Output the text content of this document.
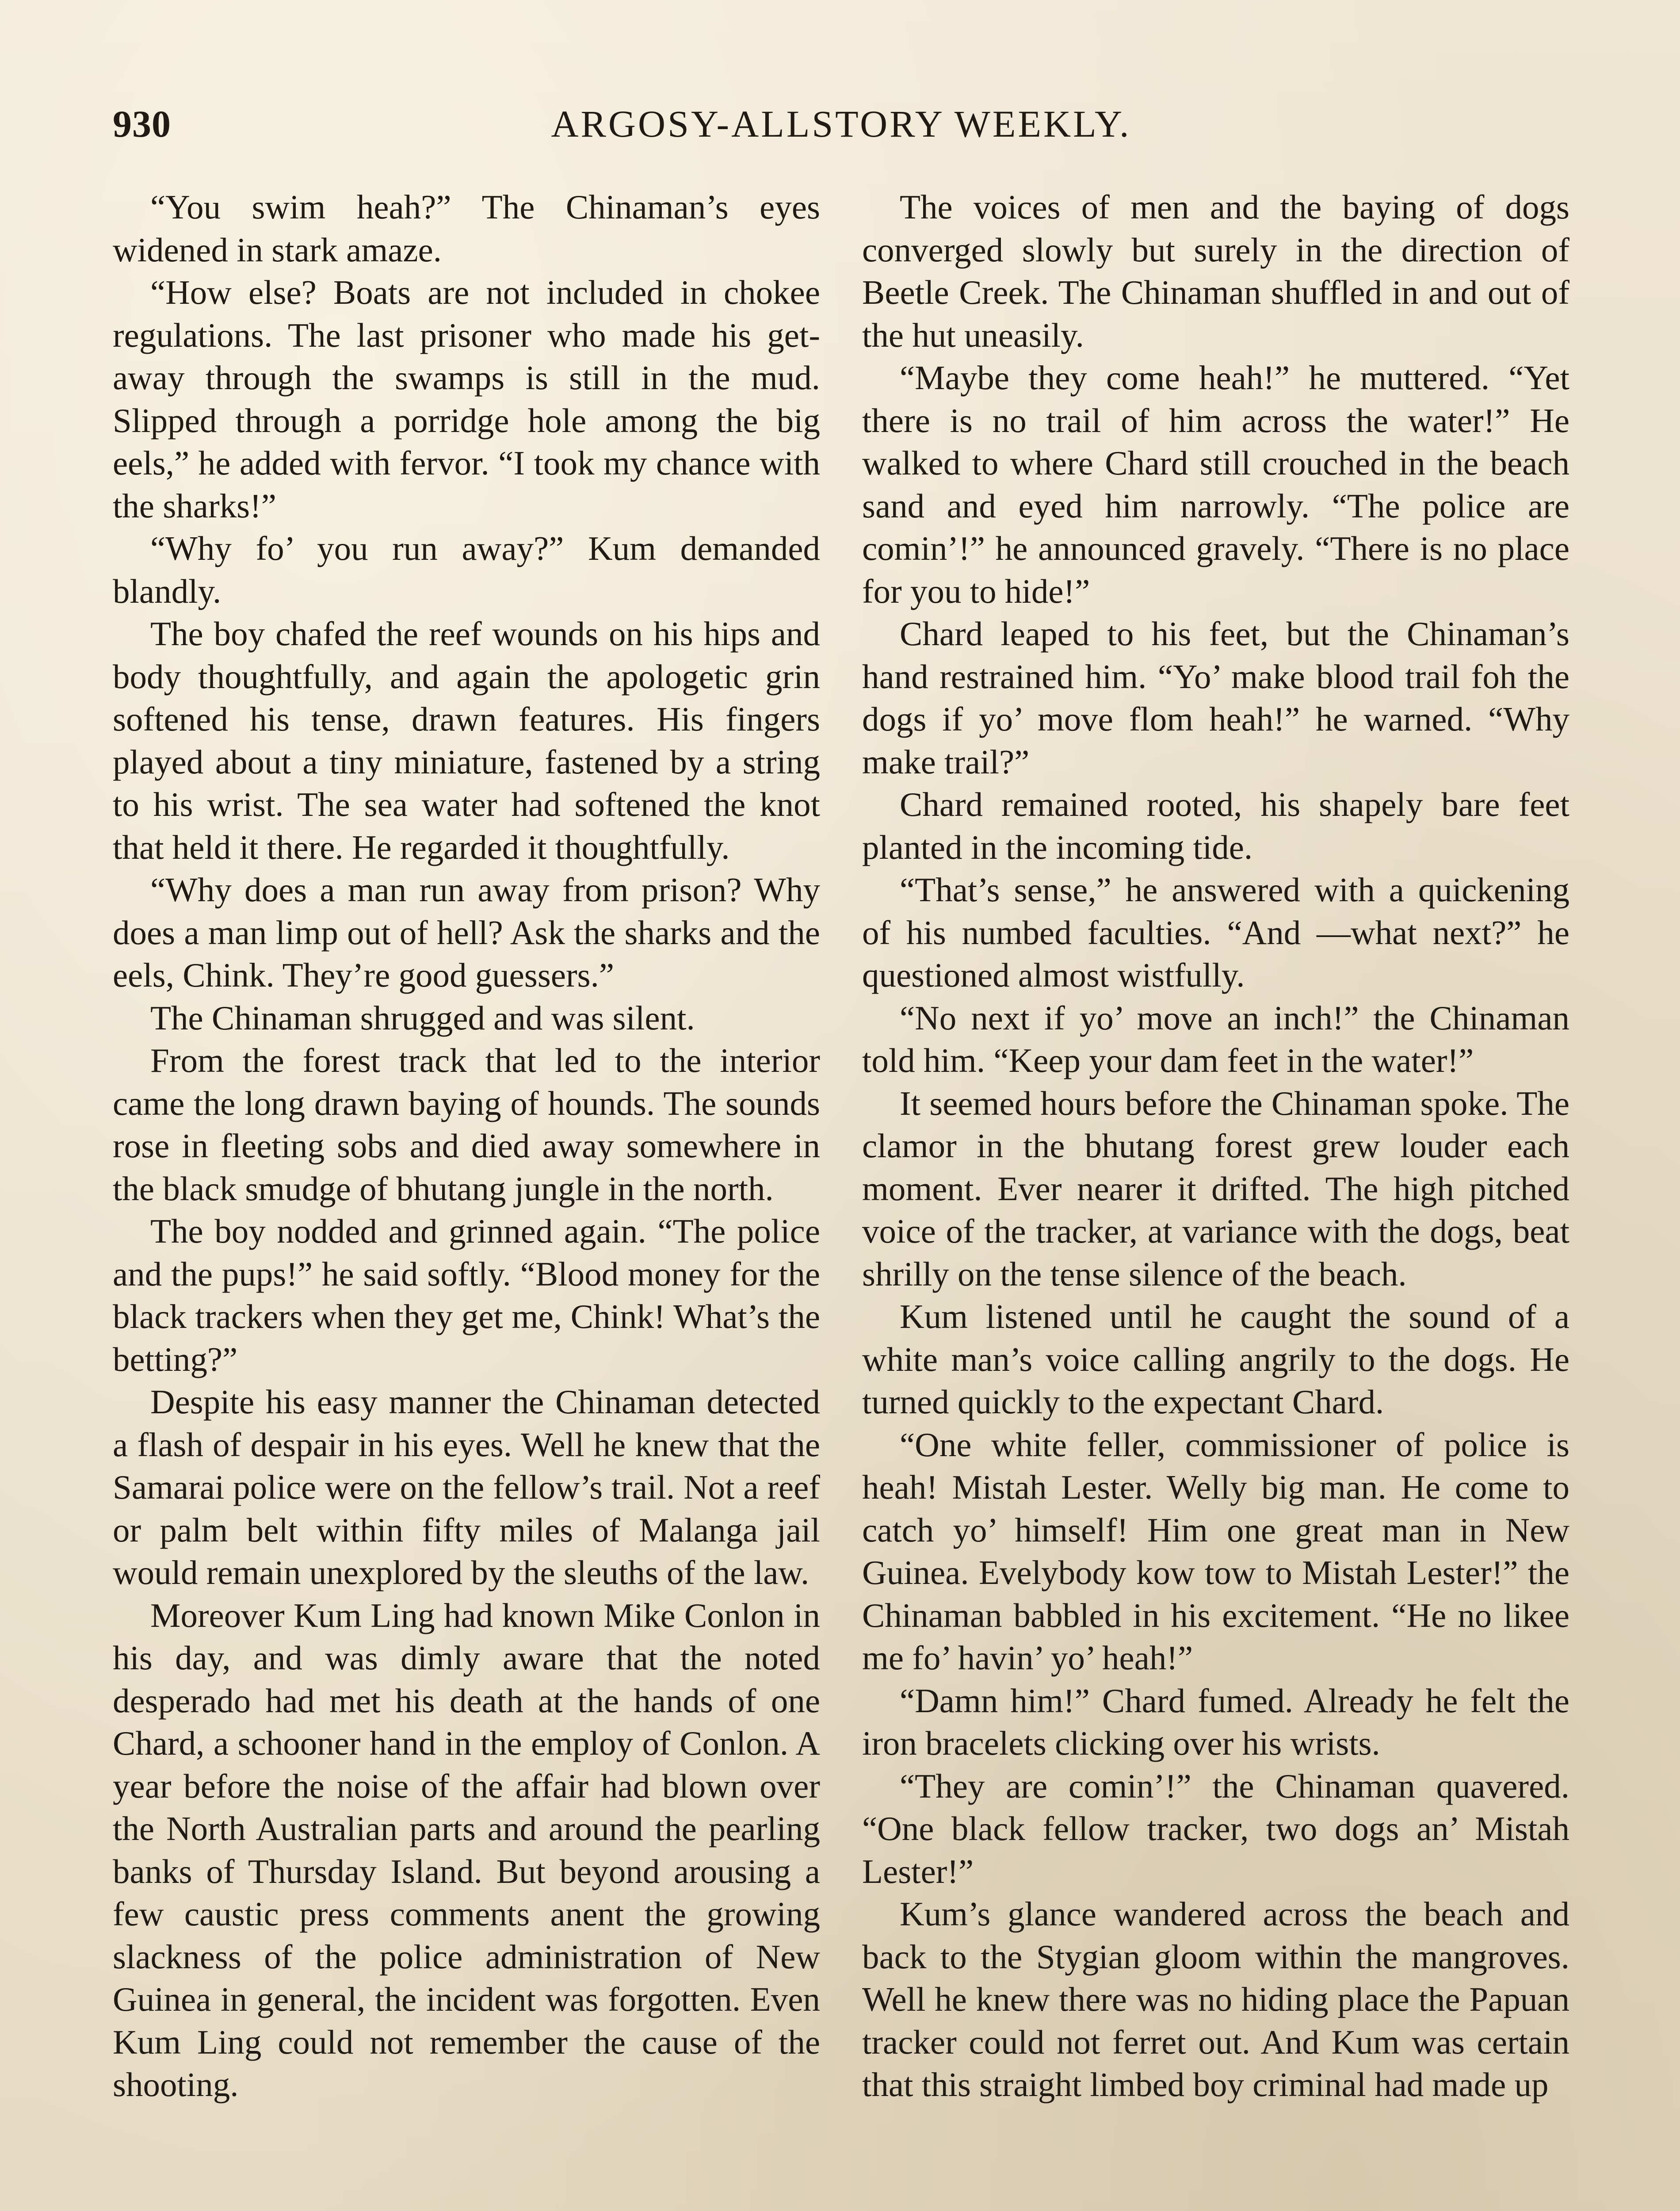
930	ARGOSY-ALLSTORY WEEKLY.

“You swim heah?” The Chinaman’s eyes widened in stark amaze.

“How else? Boats are not included in chokee regulations. The last prisoner who made his get-away through the swamps is still in the mud. Slipped through a porridge hole among the big eels,” he added with fervor. “I took my chance with the sharks!”

“Why fo’ you run away?” Kum demanded blandly.

The boy chafed the reef wounds on his hips and body thoughtfully, and again the apologetic grin softened his tense, drawn features. His fingers played about a tiny miniature, fastened by a string to his wrist. The sea water had softened the knot that held it there. He regarded it thoughtfully.

“Why does a man run away from prison? Why does a man limp out of hell? Ask the sharks and the eels, Chink. They’re good guessers.”

The Chinaman shrugged and was silent.

From the forest track that led to the interior came the long drawn baying of hounds. The sounds rose in fleeting sobs and died away somewhere in the black smudge of bhutang jungle in the north.

The boy nodded and grinned again. “The police and the pups!” he said softly. “Blood money for the black trackers when they get me, Chink! What’s the betting?”

Despite his easy manner the Chinaman detected a flash of despair in his eyes. Well he knew that the Samarai police were on the fellow’s trail. Not a reef or palm belt within fifty miles of Malanga jail would remain unexplored by the sleuths of the law.

Moreover Kum Ling had known Mike Conlon in his day, and was dimly aware that the noted desperado had met his death at the hands of one Chard, a schooner hand in the employ of Conlon. A year before the noise of the affair had blown over the North Australian parts and around the pearling banks of Thursday Island. But beyond arousing a few caustic press comments anent the growing slackness of the police administration of New Guinea in general, the incident was forgotten. Even Kum Ling could not remember the cause of the shooting.

The voices of men and the baying of dogs converged slowly but surely in the direction of Beetle Creek. The Chinaman shuffled in and out of the hut uneasily.

“Maybe they come heah!” he muttered. “Yet there is no trail of him across the water!” He walked to where Chard still crouched in the beach sand and eyed him narrowly. “The police are comin’!” he announced gravely. “There is no place for you to hide!”

Chard leaped to his feet, but the Chinaman’s hand restrained him. “Yo’ make blood trail foh the dogs if yo’ move flom heah!” he warned. “Why make trail?”

Chard remained rooted, his shapely bare feet planted in the incoming tide.

“That’s sense,” he answered with a quickening of his numbed faculties. “And —what next?” he questioned almost wistfully.

“No next if yo’ move an inch!” the Chinaman told him. “Keep your dam feet in the water!”

It seemed hours before the Chinaman spoke. The clamor in the bhutang forest grew louder each moment. Ever nearer it drifted. The high pitched voice of the tracker, at variance with the dogs, beat shrilly on the tense silence of the beach.

Kum listened until he caught the sound of a white man’s voice calling angrily to the dogs. He turned quickly to the expectant Chard.

“One white feller, commissioner of police is heah! Mistah Lester. Welly big man. He come to catch yo’ himself! Him one great man in New Guinea. Evelybody kow tow to Mistah Lester!” the Chinaman babbled in his excitement. “He no likee me fo’ havin’ yo’ heah!”

“Damn him!” Chard fumed. Already he felt the iron bracelets clicking over his wrists.

“They are comin’!” the Chinaman quavered. “One black fellow tracker, two dogs an’ Mistah Lester!”

Kum’s glance wandered across the beach and back to the Stygian gloom within the mangroves. Well he knew there was no hiding place the Papuan tracker could not ferret out. And Kum was certain that this straight limbed boy criminal had made up
